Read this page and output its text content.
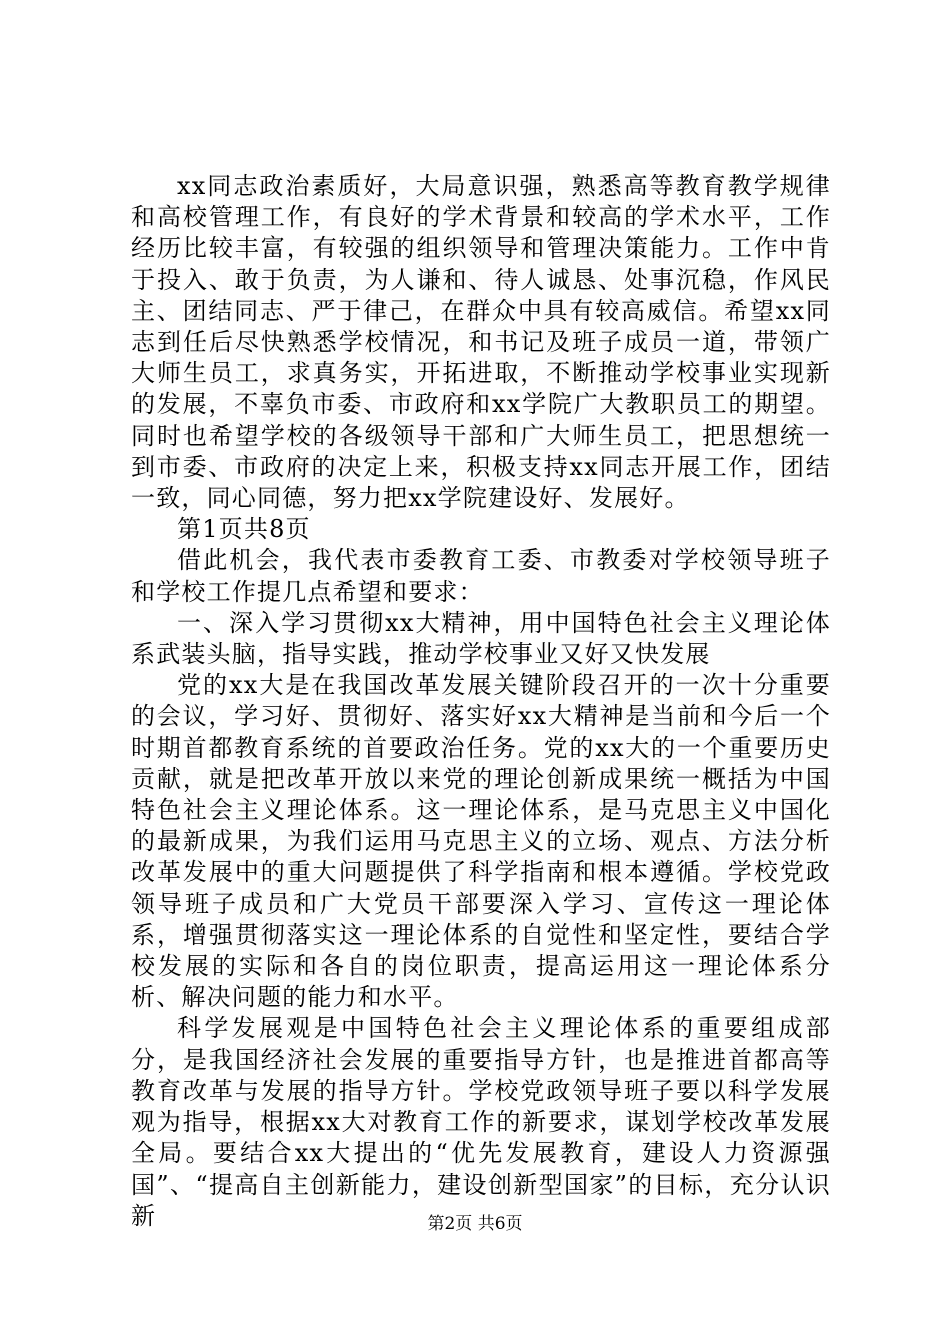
xx同志政治素质好，大局意识强，熟悉高等教育教学规律和高校管理工作，有良好的学术背景和较高的学术水平，工作经历比较丰富，有较强的组织领导和管理决策能力。工作中肯于投入、敢于负责，为人谦和、待人诚恳、处事沉稳，作风民主、团结同志、严于律己，在群众中具有较高威信。希望xx同志到任后尽快熟悉学校情况，和书记及班子成员一道，带领广大师生员工，求真务实，开拓进取，不断推动学校事业实现新的发展，不辜负市委、市政府和xx学院广大教职员工的期望。同时也希望学校的各级领导干部和广大师生员工，把思想统一到市委、市政府的决定上来，积极支持xx同志开展工作，团结一致，同心同德，努力把xx学院建设好、发展好。

第1页共8页

借此机会，我代表市委教育工委、市教委对学校领导班子和学校工作提几点希望和要求：

一、深入学习贯彻xx大精神，用中国特色社会主义理论体系武装头脑，指导实践，推动学校事业又好又快发展

党的xx大是在我国改革发展关键阶段召开的一次十分重要的会议，学习好、贯彻好、落实好xx大精神是当前和今后一个时期首都教育系统的首要政治任务。党的xx大的一个重要历史贡献，就是把改革开放以来党的理论创新成果统一概括为中国特色社会主义理论体系。这一理论体系，是马克思主义中国化的最新成果，为我们运用马克思主义的立场、观点、方法分析改革发展中的重大问题提供了科学指南和根本遵循。学校党政领导班子成员和广大党员干部要深入学习、宣传这一理论体系，增强贯彻落实这一理论体系的自觉性和坚定性，要结合学校发展的实际和各自的岗位职责，提高运用这一理论体系分析、解决问题的能力和水平。

科学发展观是中国特色社会主义理论体系的重要组成部分，是我国经济社会发展的重要指导方针，也是推进首都高等教育改革与发展的指导方针。学校党政领导班子要以科学发展观为指导，根据xx大对教育工作的新要求，谋划学校改革发展全局。要结合xx大提出的“优先发展教育，建设人力资源强国”、“提高自主创新能力，建设创新型国家”的目标，充分认识新	第2页 共6页
